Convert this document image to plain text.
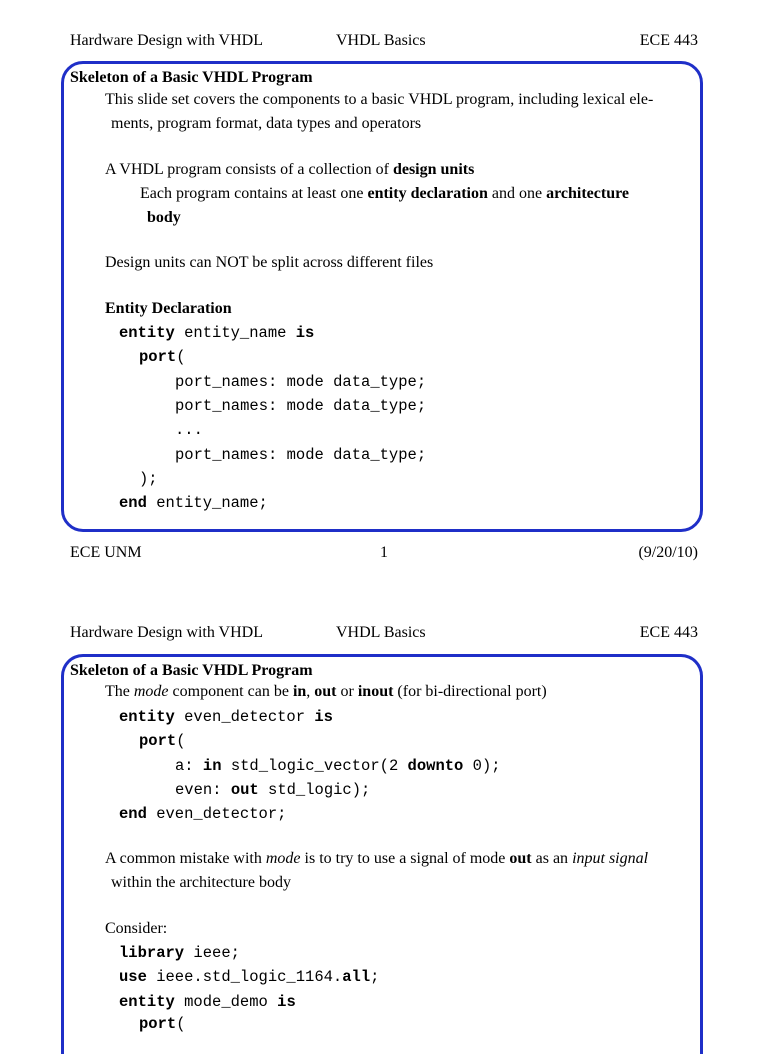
Hardware Design with VHDL	VHDL Basics	ECE 443
Skeleton of a Basic VHDL Program
This slide set covers the components to a basic VHDL program, including lexical ele-
ments, program format, data types and operators
A VHDL program consists of a collection of design units
Each program contains at least one entity declaration and one architecture
body
Design units can NOT be split across different files
Entity Declaration
entity entity_name is
port(
port_names: mode data_type;
port_names: mode data_type;
...
port_names: mode data_type;
);
end entity_name;
ECE UNM	1	(9/20/10)
Hardware Design with VHDL	VHDL Basics	ECE 443
Skeleton of a Basic VHDL Program
The mode component can be in, out or inout (for bi-directional port)
entity even_detector is
port(
a: in std_logic_vector(2 downto 0);
even: out std_logic);
end even_detector;
A common mistake with mode is to try to use a signal of mode out as an input signal
within the architecture body
Consider:
library ieee;
use ieee.std_logic_1164.all;
entity mode_demo is
port(
